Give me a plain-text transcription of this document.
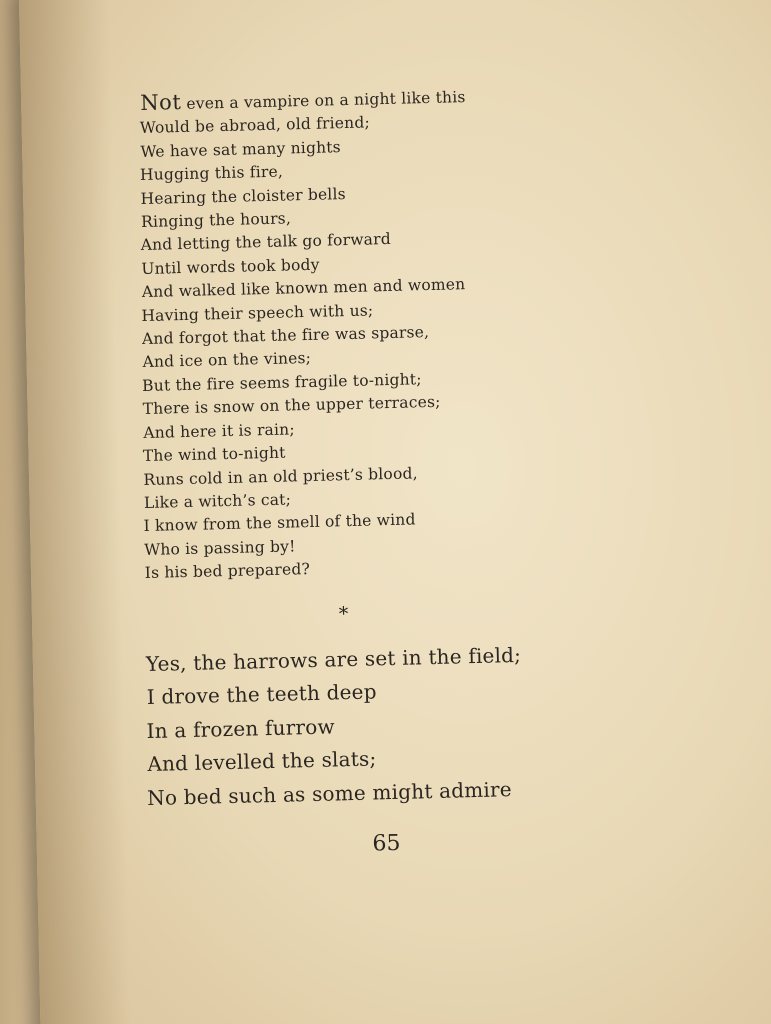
Not even a vampire on a night like this
Would be abroad, old friend;
We have sat many nights
Hugging this fire,
Hearing the cloister bells
Ringing the hours,
And letting the talk go forward
Until words took body
And walked like known men and women
Having their speech with us;
And forgot that the fire was sparse,
And ice on the vines;
But the fire seems fragile to-night;
There is snow on the upper terraces;
And here it is rain;
The wind to-night
Runs cold in an old priest’s blood,
Like a witch’s cat;
I know from the smell of the wind
Who is passing by!
Is his bed prepared?
*
Yes, the harrows are set in the field;
I drove the teeth deep
In a frozen furrow
And levelled the slats;
No bed such as some might admire
65
